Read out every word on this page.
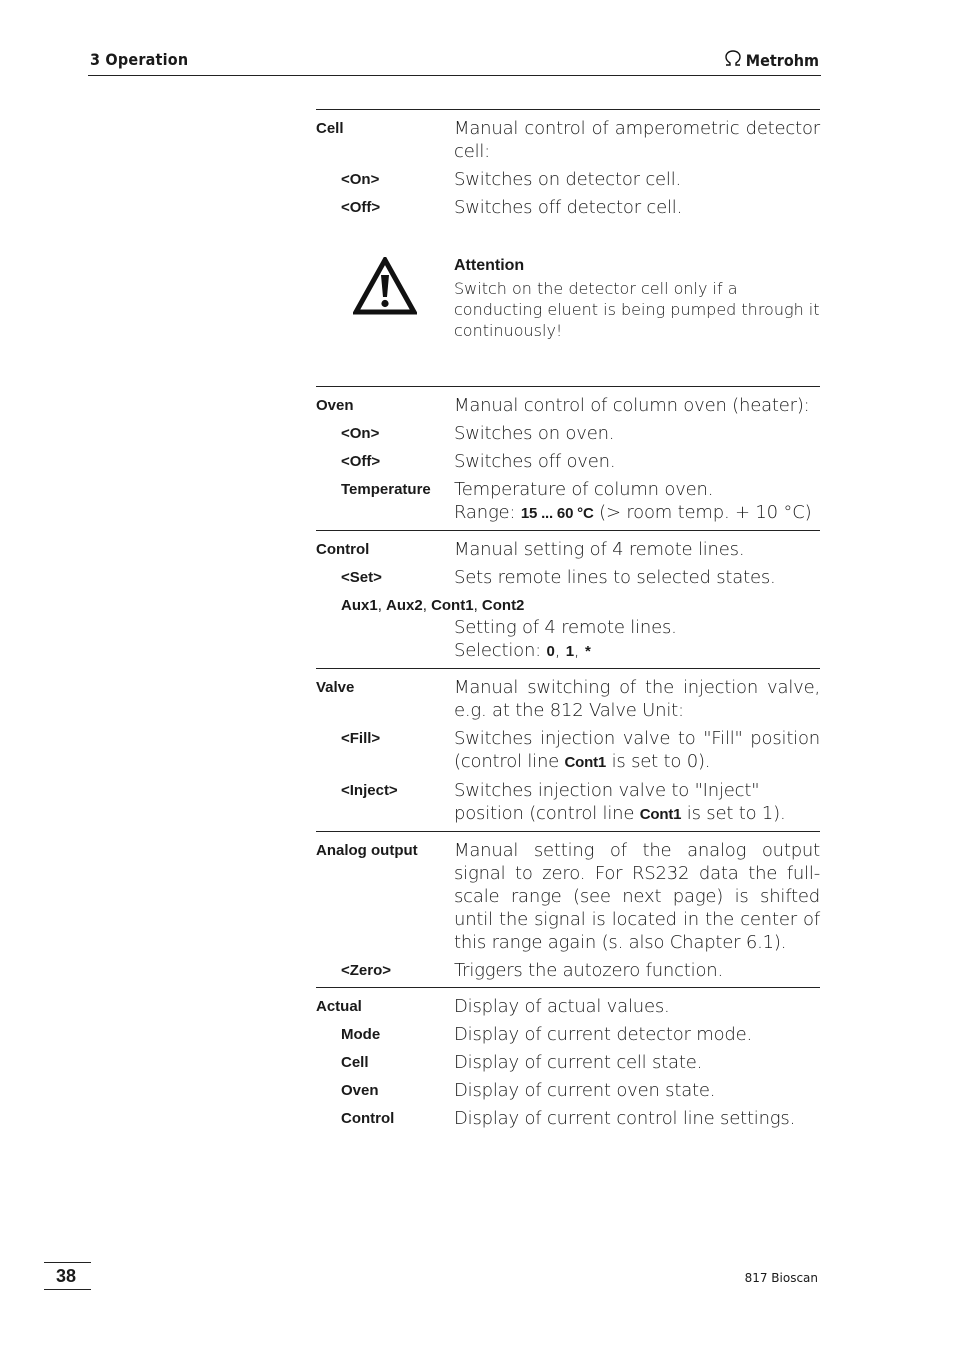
3 Operation	Metrohm
Cell	Manual control of amperometric detector cell:
<On>	Switches on detector cell.
<Off>	Switches off detector cell.
Attention
Switch on the detector cell only if a conducting eluent is being pumped through it continuously!
Oven	Manual control of column oven (heater):
<On>	Switches on oven.
<Off>	Switches off oven.
Temperature	Temperature of column oven.
Range: 15 ... 60 °C (> room temp. + 10 °C)
Control	Manual setting of 4 remote lines.
<Set>	Sets remote lines to selected states.
Aux1, Aux2, Cont1, Cont2
Setting of 4 remote lines.
Selection: 0, 1, *
Valve	Manual switching of the injection valve, e.g. at the 812 Valve Unit:
<Fill>	Switches injection valve to "Fill" position (control line Cont1 is set to 0).
<Inject>	Switches injection valve to "Inject" position (control line Cont1 is set to 1).
Analog output	Manual setting of the analog output signal to zero. For RS232 data the full-scale range (see next page) is shifted until the signal is located in the center of this range again (s. also Chapter 6.1).
<Zero>	Triggers the autozero function.
Actual	Display of actual values.
Mode	Display of current detector mode.
Cell	Display of current cell state.
Oven	Display of current oven state.
Control	Display of current control line settings.
38	817 Bioscan
